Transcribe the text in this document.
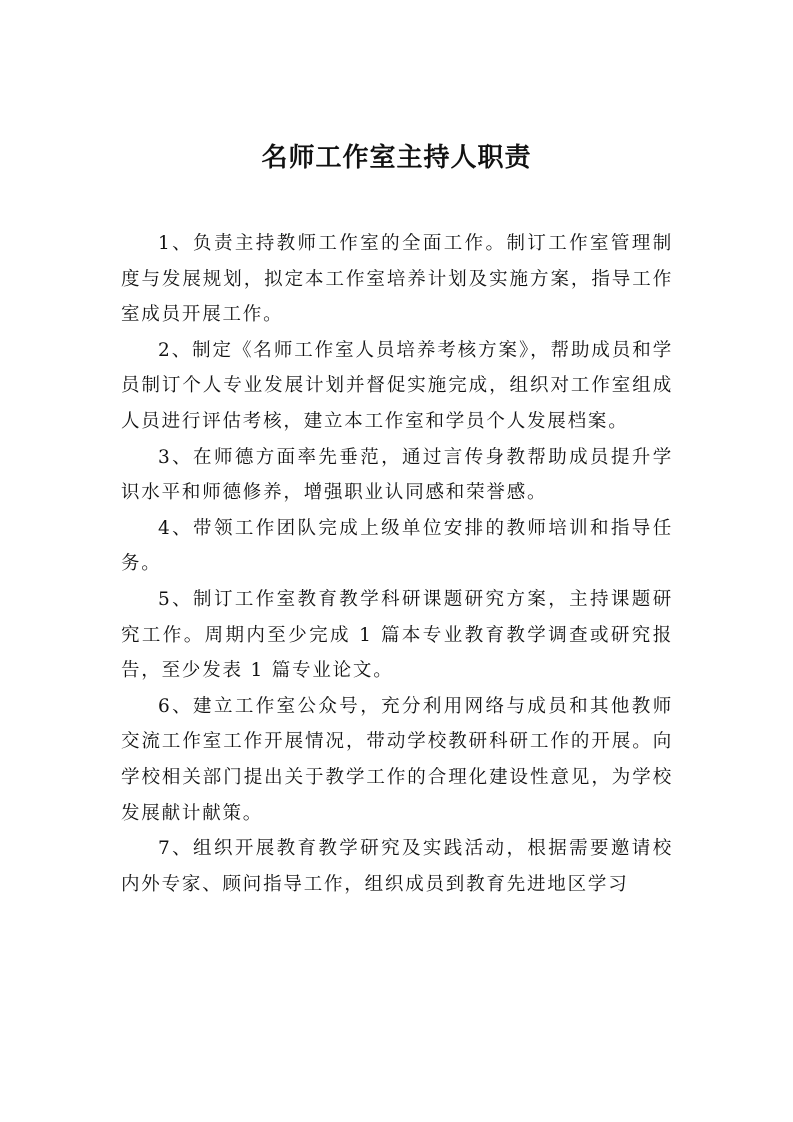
名师工作室主持人职责

1、负责主持教师工作室的全面工作。制订工作室管理制度与发展规划，拟定本工作室培养计划及实施方案，指导工作室成员开展工作。

2、制定《名师工作室人员培养考核方案》，帮助成员和学员制订个人专业发展计划并督促实施完成，组织对工作室组成人员进行评估考核，建立本工作室和学员个人发展档案。

3、在师德方面率先垂范，通过言传身教帮助成员提升学识水平和师德修养，增强职业认同感和荣誉感。

4、带领工作团队完成上级单位安排的教师培训和指导任务。

5、制订工作室教育教学科研课题研究方案，主持课题研究工作。周期内至少完成 1 篇本专业教育教学调查或研究报告，至少发表 1 篇专业论文。

6、建立工作室公众号，充分利用网络与成员和其他教师交流工作室工作开展情况，带动学校教研科研工作的开展。向学校相关部门提出关于教学工作的合理化建设性意见，为学校发展献计献策。

7、组织开展教育教学研究及实践活动，根据需要邀请校内外专家、顾问指导工作，组织成员到教育先进地区学习
